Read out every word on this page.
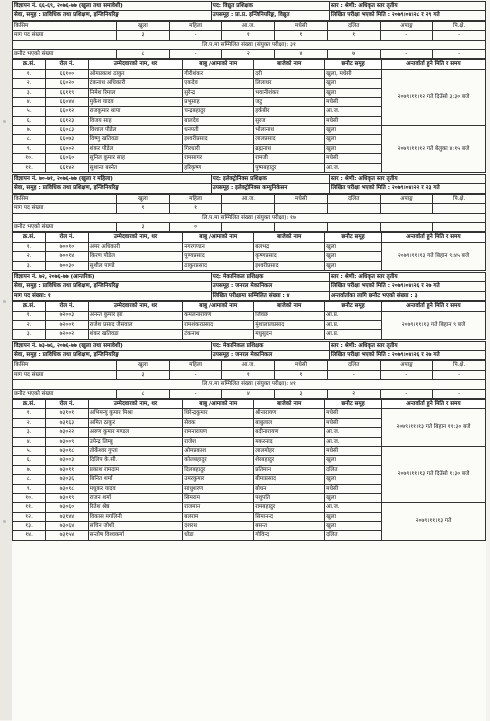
विज्ञापन नं. ६६-६९, २०७६-७७ (खुला तथा समावेशी)	पद: विद्युत प्रशिक्षक	स्तर : श्रेणी: अधिकृत स्तर तृतीय
सेवा, समूह : प्राविधिक तथा प्रशिक्षण, इन्जिनियरिङ्ग	उपसमूह : प्रा.प्र. इन्जिनियरिङ्ग, विद्युत	लिखित परीक्षा भएको मिति : २०७९।०४।२८ र २९ गते
किसिम	खुला	महिला	आ.ज.	मधेसी	दलित	अपाङ्ग	पि.क्षे.
माग पद संख्या	३	-	१	१	१	-	-
लि.प.मा सम्मिलित संख्या (संयुक्त परीक्षा): ३१							
छनौट भएको संख्या	८	-	२	४	७	-	-
क्र.सं.	रोल नं.	उम्मेदवारको नाम, थर	बाबु /आमाको नाम	बाजेको नाम	छनौट समूह	अन्तर्वार्ता हुने मिति र समय
१.	६६१००	ओमप्रकाश ठाकुर	गीरीशंकर	दरी	खुला, मधेसी	२०७९।११।१२ गते दिउँसो ३:३० बजे
२.	६६०२०	टंकनाथ अधिकारी	एकदेव	लिलाधर	खुला	
३.	६६११९	निमेश रिमाल	सुरेन्द्र	भवानीशंकर	खुला	
४.	६६०४४	मुकेश यादव	प्रभुसाह	जटु	मधेसी	
५.	६६०१२	राजकुमार थापा	चन्द्रबहादुर	हर्कबीर	आ.ज.	
६.	६६१२३	विजय साह	बालदेव	सुरज	मधेसी	
७.	६६०८३	विशाल पौडेल	धनपती	भोलानाथ	खुला	२०७९।११।१२ गते बेलुका ४:१५ बजे
८.	६६०७३	विष्णु खतिवडा	इश्वरीप्रसाद	लालप्रसाद	खुला	
९.	६६००२	शंकर पौडेल	गिरधारी	ब्रह्मनाथ	खुला	
१०.	६६०६०	सुनिल कुमार साह	रामसागर	रामजी	मधेसी	
११.	६६१४२	सुशान्त बस्नेत	हरिकृष्ण	पुष्पबहादुर	आ.ज.	
विज्ञापन नं. ७०-७१, २०७६-७७ (खुला र महिला)	पद: इलेक्ट्रोनिक्स प्रशिक्षक	स्तर : श्रेणी: अधिकृत स्तर तृतीय
सेवा, समूह : प्राविधिक तथा प्रशिक्षण, इन्जिनियरिङ्ग	उपसमूह : इलेक्ट्रोनिक्स कम्युनिकेसन	लिखित परीक्षा भएको मिति : २०७९।०४।२२ र २३ गते
किसिम	खुला	महिला	आ.ज.	मधेसी	दलित	अपाङ्ग	पि.क्षे.
माग पद संख्या	१	१					
लि.प.मा सम्मिलित संख्या (संयुक्त परीक्षा): १७							
छनौट भएको संख्या	३	०					
क्र.सं.	रोल नं.	उम्मेदवारको नाम, थर	बाबु /आमाको नाम	बाजेको नाम	छनौट समूह	अन्तर्वार्ता हुने मिति र समय
१.	७००१०	अमर अधिकारी	नगरगण्डन	बलभद्र	खुला	२०७९।११।१३ गते बिहान ९:४५ बजे
२.	७००१४	किरण पौडेल	पुण्यप्रसाद	कृष्णप्रसाद	खुला	
३.	७००३०	सुशील पाण्डे	ठाकुरप्रसाद	इश्वरीप्रसाद	खुला	
विज्ञापन नं. ७२, २०७६-७७ (आन्तरिक)	पद: मेकानिकल प्रशिक्षक	स्तर : श्रेणी: अधिकृत स्तर तृतीय
सेवा, समूह : प्राविधिक तथा प्रशिक्षण, इन्जिनियरिङ्ग	उपसमूह : जनरल मेकानिकल	लिखित परीक्षा भएको मिति : २०७९।०४।२६ र २७ गते
माग पद संख्या: १	लिखित परीक्षामा सम्मिलित संख्या : ४	अन्तर्वार्ताका लागि छनौट भएको संख्या : ३
क्र.सं.	रोल नं.	उम्मेदवारको नाम, थर	बाबु /आमाको नाम	बाजेको नाम	छनौट समूह	अन्तर्वार्ता हुने मिति र समय
१.	७२००३	अनन्त कुमार झा	कमलनारायण	जिवछ	आ.प्र.	२०७९।११।१३ गते बिहान ९ बजे
२.	७२००१	राजेश प्रसाद जैसवाल	रामशंकरप्रसाद	मुंशालालप्रसाद	आ.प्र.	
३.	७२००२	शंकर खतिवडा	टंकनाथ	मधुसुदन	आ.प्र.	
विज्ञापन नं. ७३-७६, २०७६-७७ (खुला तथा समावेशी)	पद: मेकानिकल प्रशिक्षक	स्तर : श्रेणी: अधिकृत स्तर तृतीय
सेवा, समूह : प्राविधिक तथा प्रशिक्षण, इन्जिनियरिङ्ग	उपसमूह : जनरल मेकानिकल	लिखित परीक्षा भएको मिति : २०७९।०४।२६ र २७ गते
किसिम	खुला	महिला	आ.ज.	मधेसी	दलित	अपाङ्ग	पि.क्षे.
माग पद संख्या	३	-	१	१	-	-	-
लि.प.मा सम्मिलित संख्या (संयुक्त परीक्षा): ४१							
छनौट भएको संख्या	८	-	४	३	२	-	-
क्र.सं.	रोल नं.	उम्मेदवारको नाम, थर	बाबु /आमाको नाम	बाजेको नाम	छनौट समूह	अन्तर्वार्ता हुने मिति र समय
१.	७३१०१	अभिमन्यु कुमार मिश्रा	धिरेन्द्रकुमार	श्रीनारायण	मधेसी	२०७९।११।१३ गते बिहान ११:३० बजे
२.	७३१६३	अमित ठाकुर	सेवक	बाबुलाल	मधेसी	
३.	७३०२२	अरुण कुमार मण्डल	रामनारायण	बदीनारायण	आ.ज.	
४.	७३००९	उपेन्द्र लिम्बु	राजेश	मकरनाद	आ.ज.	
५.	७३०१८	तोर्केश्वर गुप्ता	ओमप्रकाश	लालमोहर	मधेसी	२०७९।११।१३ गते दिउँसो १:३० बजे
६.	७३००३	दिलिप के.सी.	कोलबहादुर	शेरबहादुर	खुला	
७.	७३०११	प्रकाश रामदाम	दिलबहादुर	प्रतिमान	दलित	
८.	७३०३६	बिनित शर्मा	उमरकुमार	बीमाप्रसाद	खुला	
९.	७३०१८	मधुकर यादव	साधुशरण	बोधन	मधेसी	
१०.	७३०१९	राजन शर्मा	सिमराम	पशुपति	खुला	
११.	७३०६०	रितेश श्रेष्ठ	राजमान	रामबहादुर	आ.ज.	२०७९।११।१३ गते
१२.	७३१४४	विकास मगलिनी	बलराम	सिमानन्द	खुला	
१३.	७३०६४	सचिन जोशी	दशरथ	बसन्त	खुला	
१४.	७३१५४	सन्तोष विश्वकर्मा	धोडा	गोविन्द	दलित	
